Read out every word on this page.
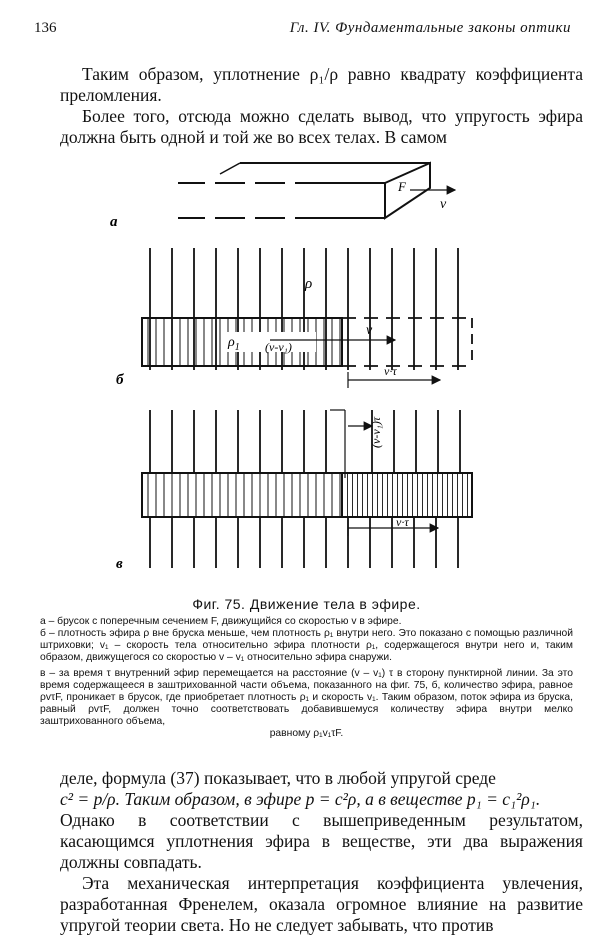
136	Гл. IV. Фундаментальные законы оптики

Таким образом, уплотнение ρ₁/ρ равно квадрату коэффициента преломления.

Более того, отсюда можно сделать вывод, что упругость эфира должна быть одной и той же во всех телах. В самом

F
v
а
ρ
$\rho_1$ (v-v₁)
v
v·τ
б
(v-v₁)τ
v·τ
в
Фиг. 75. Движение тела в эфире.

а – брусок с поперечным сечением F, движущийся со скоростью v в эфире.

б – плотность эфира ρ вне бруска меньше, чем плотность ρ₁ внутри него. Это показано с помощью различной штриховки; v₁ – скорость тела относительно эфира плотности ρ₁, содержащегося внутри него и, таким образом, движущегося со скоростью v – v₁ относительно эфира снаружи.

в – за время τ внутренний эфир перемещается на расстояние (v – v₁) τ в сторону пунктирной линии. За это время содержащееся в заштрихованной части объема, показанного на фиг. 75, б, количество эфира, равное ρvτF, проникает в брусок, где приобретает плотность ρ₁ и скорость v₁. Таким образом, поток эфира из бруска, равный ρvτF, должен точно соответствовать добавившемуся количеству эфира внутри мелко заштрихованного объема,

равному ρ₁v₁τF.

деле, формула (37) показывает, что в любой упругой среде

c² = p/ρ. Таким образом, в эфире p = c²ρ, а в веществе p₁ = c₁²ρ₁.

Однако в соответствии с вышеприведенным результатом, касающимся уплотнения эфира в веществе, эти два выражения должны совпадать.

Эта механическая интерпретация коэффициента увлечения, разработанная Френелем, оказала огромное влияние на развитие упругой теории света. Но не следует забывать, что против
